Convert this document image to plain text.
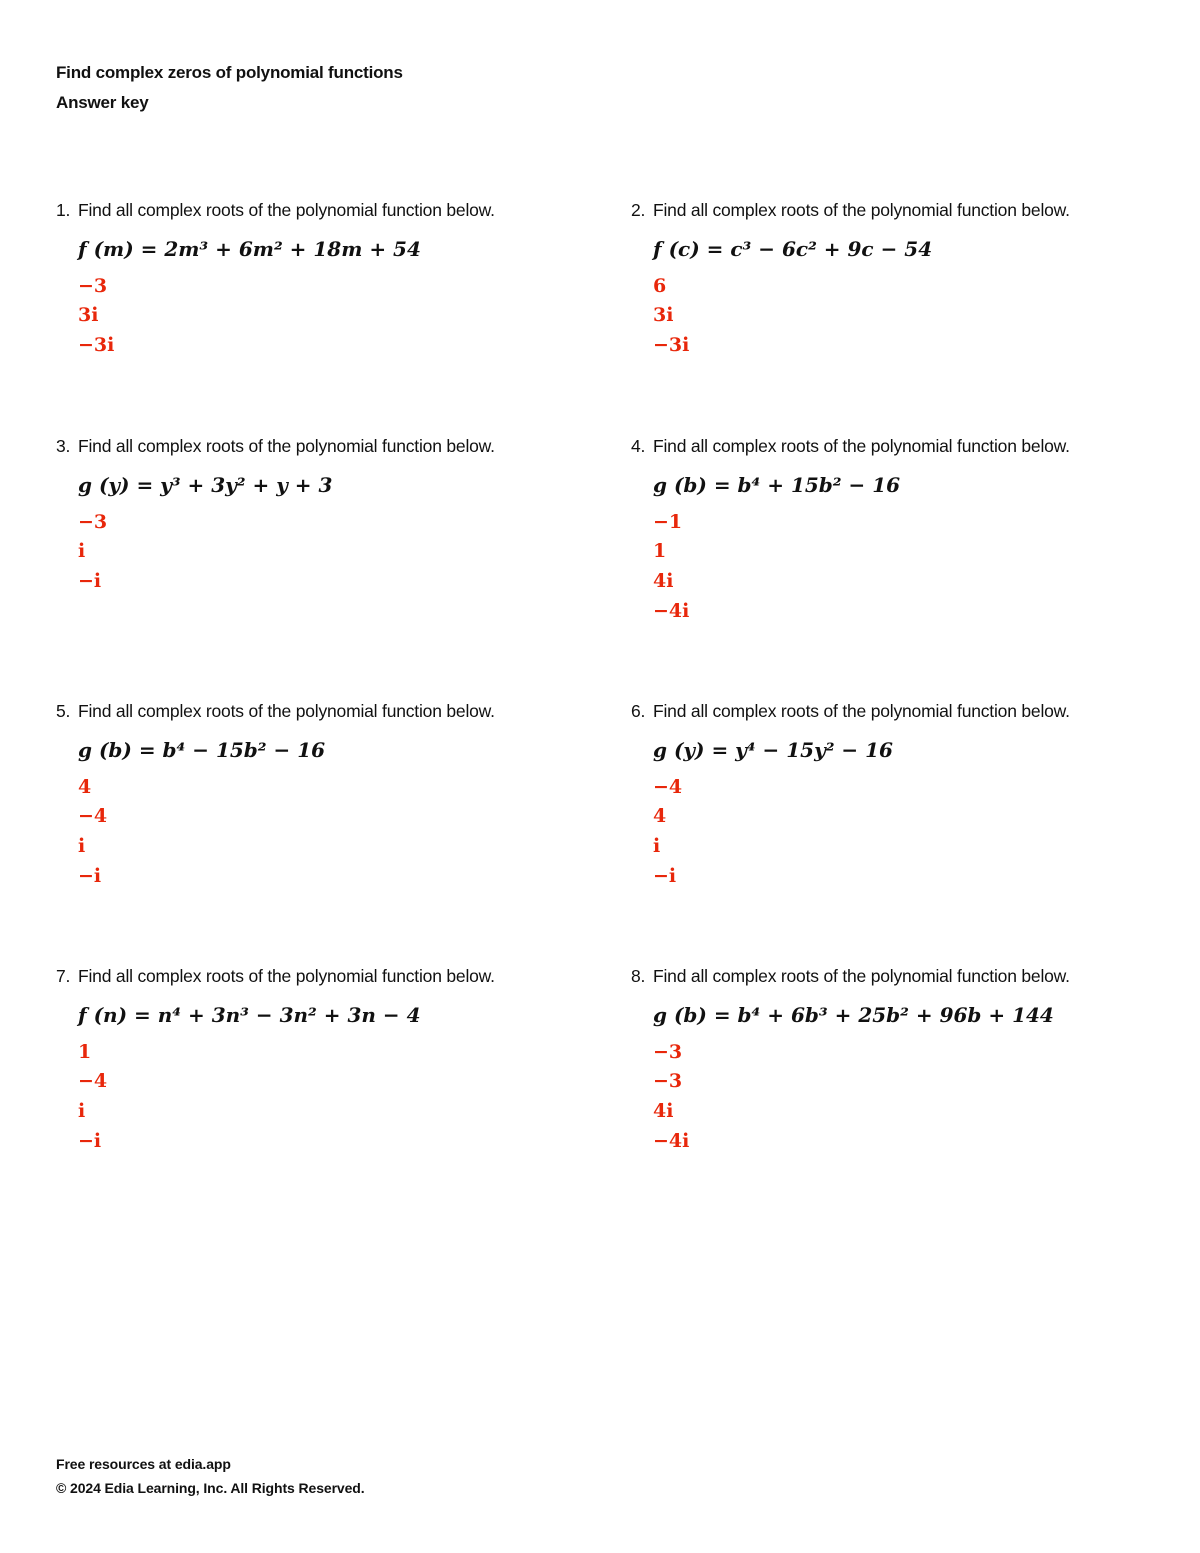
Find complex zeros of polynomial functions
Answer key
1. Find all complex roots of the polynomial function below.
f (m) = 2m³ + 6m² + 18m + 54
−3
3i
−3i
2. Find all complex roots of the polynomial function below.
f (c) = c³ − 6c² + 9c − 54
6
3i
−3i
3. Find all complex roots of the polynomial function below.
g (y) = y³ + 3y² + y + 3
−3
i
−i
4. Find all complex roots of the polynomial function below.
g (b) = b⁴ + 15b² − 16
−1
1
4i
−4i
5. Find all complex roots of the polynomial function below.
g (b) = b⁴ − 15b² − 16
4
−4
i
−i
6. Find all complex roots of the polynomial function below.
g (y) = y⁴ − 15y² − 16
−4
4
i
−i
7. Find all complex roots of the polynomial function below.
f (n) = n⁴ + 3n³ − 3n² + 3n − 4
1
−4
i
−i
8. Find all complex roots of the polynomial function below.
g (b) = b⁴ + 6b³ + 25b² + 96b + 144
−3
−3
4i
−4i
Free resources at edia.app
© 2024 Edia Learning, Inc. All Rights Reserved.
